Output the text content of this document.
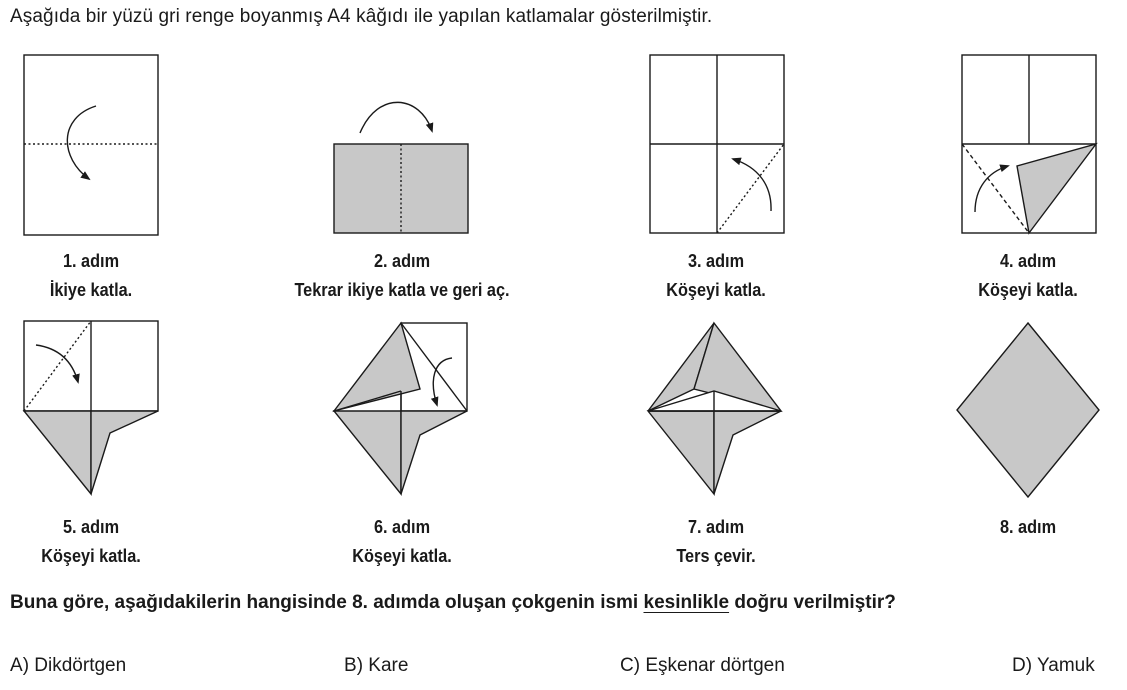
Aşağıda bir yüzü gri renge boyanmış A4 kâğıdı ile yapılan katlamalar gösterilmiştir.

1. adım
İkiye katla.
2. adım
Tekrar ikiye katla ve geri aç.
3. adım
Köşeyi katla.
4. adım
Köşeyi katla.
5. adım
Köşeyi katla.
6. adım
Köşeyi katla.
7. adım
Ters çevir.
8. adım

Buna göre, aşağıdakilerin hangisinde 8. adımda oluşan çokgenin ismi kesinlikle doğru verilmiştir?

A) Dikdörtgen	B) Kare	C) Eşkenar dörtgen	D) Yamuk
